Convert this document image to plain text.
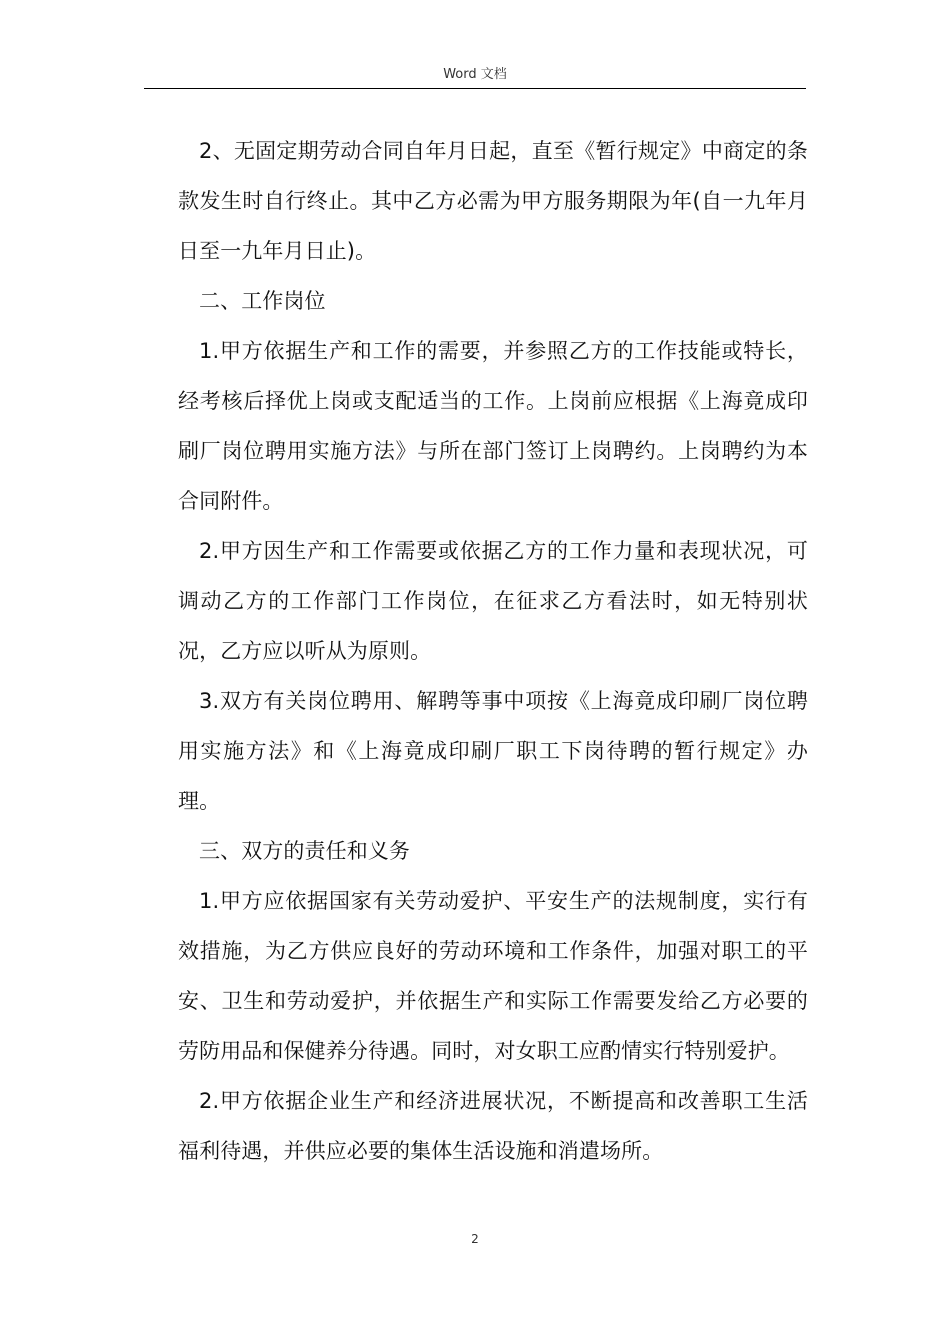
Word 文档

2、无固定期劳动合同自年月日起，直至《暂行规定》中商定的条款发生时自行终止。其中乙方必需为甲方服务期限为年(自一九年月日至一九年月日止)。

二、工作岗位

1.甲方依据生产和工作的需要，并参照乙方的工作技能或特长，经考核后择优上岗或支配适当的工作。上岗前应根据《上海竟成印刷厂岗位聘用实施方法》与所在部门签订上岗聘约。上岗聘约为本合同附件。

2.甲方因生产和工作需要或依据乙方的工作力量和表现状况，可调动乙方的工作部门工作岗位，在征求乙方看法时，如无特别状况，乙方应以听从为原则。

3.双方有关岗位聘用、解聘等事中项按《上海竟成印刷厂岗位聘用实施方法》和《上海竟成印刷厂职工下岗待聘的暂行规定》办理。

三、双方的责任和义务

1.甲方应依据国家有关劳动爱护、平安生产的法规制度，实行有效措施，为乙方供应良好的劳动环境和工作条件，加强对职工的平安、卫生和劳动爱护，并依据生产和实际工作需要发给乙方必要的劳防用品和保健养分待遇。同时，对女职工应酌情实行特别爱护。

2.甲方依据企业生产和经济进展状况，不断提高和改善职工生活福利待遇，并供应必要的集体生活设施和消遣场所。

2
